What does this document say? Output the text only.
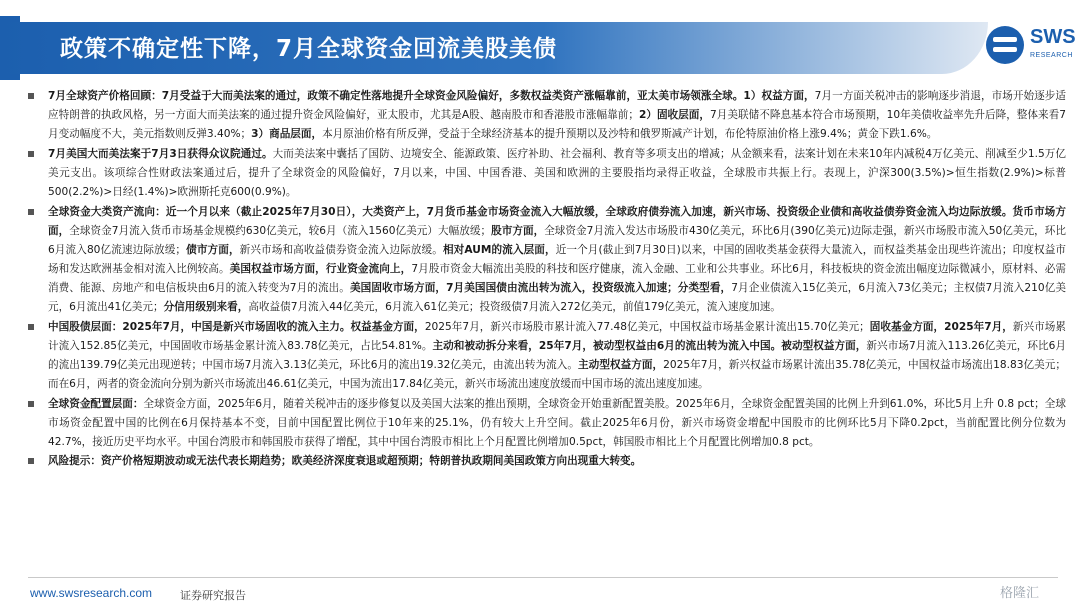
政策不确定性下降，7月全球资金回流美股美债	SWS
RESEARCH
7月全球资产价格回顾：7月受益于大而美法案的通过，政策不确定性落地提升全球资金风险偏好，多数权益类资产涨幅靠前，亚太美市场领涨全球。1）权益方面，7月一方面关税冲击的影响逐步消退，市场开始逐步适应特朗普的执政风格，另一方面大而美法案的通过提升资金风险偏好，亚太股市，尤其是A股、越南股市和香港股市涨幅靠前；2）固收层面，7月美联储不降息基本符合市场预期，10年美债收益率先升后降，整体来看7月变动幅度不大，美元指数则反弹3.40%；3）商品层面，本月原油价格有所反弹，受益于全球经济基本的提升预期以及沙特和俄罗斯减产计划，布伦特原油价格上涨9.4%；黄金下跌1.6%。
7月美国大而美法案于7月3日获得众议院通过。大而美法案中囊括了国防、边境安全、能源政策、医疗补助、社会福利、教育等多项支出的增减；从金额来看，法案计划在未来10年内减税4万亿美元、削减至少1.5万亿美元支出。该项综合性财政法案通过后，提升了全球资金的风险偏好，7月以来，中国、中国香港、美国和欧洲的主要股指均录得正收益，全球股市共振上行。表现上，沪深300(3.5%)>恒生指数(2.9%)>标普500(2.2%)>日经(1.4%)>欧洲斯托克600(0.9%)。
全球资金大类资产流向：近一个月以来（截止2025年7月30日），大类资产上，7月货币基金市场资金流入大幅放缓，全球政府债券流入加速，新兴市场、投资级企业债和高收益债券资金流入均边际放缓。货币市场方面，全球资金7月流入货币市场基金规模约630亿美元，较6月（流入1560亿美元）大幅放缓；股市方面，全球资金7月流入发达市场股市430亿美元，环比6月(390亿美元)边际走强，新兴市场股市流入50亿美元，环比6月流入80亿流速边际放缓；债市方面，新兴市场和高收益债券资金流入边际放缓。相对AUM的流入层面，近一个月(截止到7月30日)以来，中国的固收类基金获得大量流入，而权益类基金出现些许流出；印度权益市场和发达欧洲基金相对流入比例较高。美国权益市场方面，行业资金流向上，7月股市资金大幅流出美股的科技和医疗健康，流入金融、工业和公共事业。环比6月，科技板块的资金流出幅度边际微减小，原材料、必需消费、能源、房地产和电信板块由6月的流入转变为7月的流出。美国固收市场方面，7月美国国债由流出转为流入，投资级流入加速；分类型看，7月企业债流入15亿美元，6月流入73亿美元；主权债7月流入210亿美元，6月流出41亿美元；分信用级别来看，高收益债7月流入44亿美元，6月流入61亿美元；投资级债7月流入272亿美元，前值179亿美元，流入速度加速。
中国股债层面：2025年7月，中国是新兴市场固收的流入主力。权益基金方面，2025年7月，新兴市场股市累计流入77.48亿美元，中国权益市场基金累计流出15.70亿美元；固收基金方面，2025年7月，新兴市场累计流入152.85亿美元，中国固收市场基金累计流入83.78亿美元，占比54.81%。主动和被动拆分来看，25年7月，被动型权益由6月的流出转为流入中国。被动型权益方面，新兴市场7月流入113.26亿美元，环比6月的流出139.79亿美元出现逆转；中国市场7月流入3.13亿美元，环比6月的流出19.32亿美元，由流出转为流入。主动型权益方面，2025年7月，新兴权益市场累计流出35.78亿美元，中国权益市场流出18.83亿美元；而在6月，两者的资金流向分别为新兴市场流出46.61亿美元，中国为流出17.84亿美元，新兴市场流出速度放缓而中国市场的流出速度加速。
全球资金配置层面：全球资金方面，2025年6月，随着关税冲击的逐步修复以及美国大法案的推出预期，全球资金开始重新配置美股。2025年6月，全球资金配置美国的比例上升到61.0%，环比5月上升 0.8 pct；全球市场资金配置中国的比例在6月保持基本不变，目前中国配置比例位于10年来的25.1%，仍有较大上升空间。截止2025年6月份，新兴市场资金增配中国股市的比例环比5月下降0.2pct，当前配置比例分位数为42.7%，接近历史平均水平。中国台湾股市和韩国股市获得了增配，其中中国台湾股市相比上个月配置比例增加0.5pct，韩国股市相比上个月配置比例增加0.8 pct。
风险提示：资产价格短期波动或无法代表长期趋势；欧美经济深度衰退或超预期；特朗普执政期间美国政策方向出现重大转变。
www.swsresearch.com	证券研究报告	格隆汇
